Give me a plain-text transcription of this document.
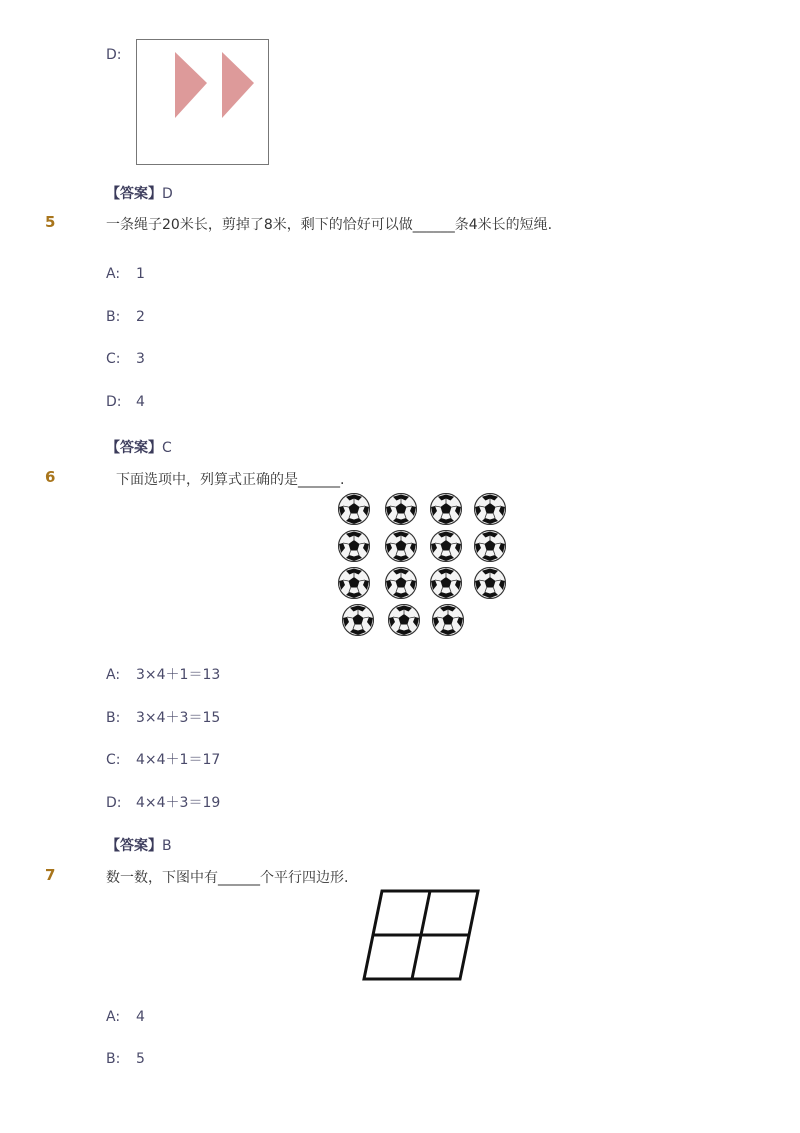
D:
【答案】D
5	一条绳子20米长，剪掉了8米，剩下的恰好可以做______条4米长的短绳.
A: 1
B: 2
C: 3
D: 4
【答案】C
6	下面选项中，列算式正确的是______.
A: 3×4＋1＝13
B: 3×4＋3＝15
C: 4×4＋1＝17
D: 4×4＋3＝19
【答案】B
7	数一数，下图中有______个平行四边形.
A: 4
B: 5
